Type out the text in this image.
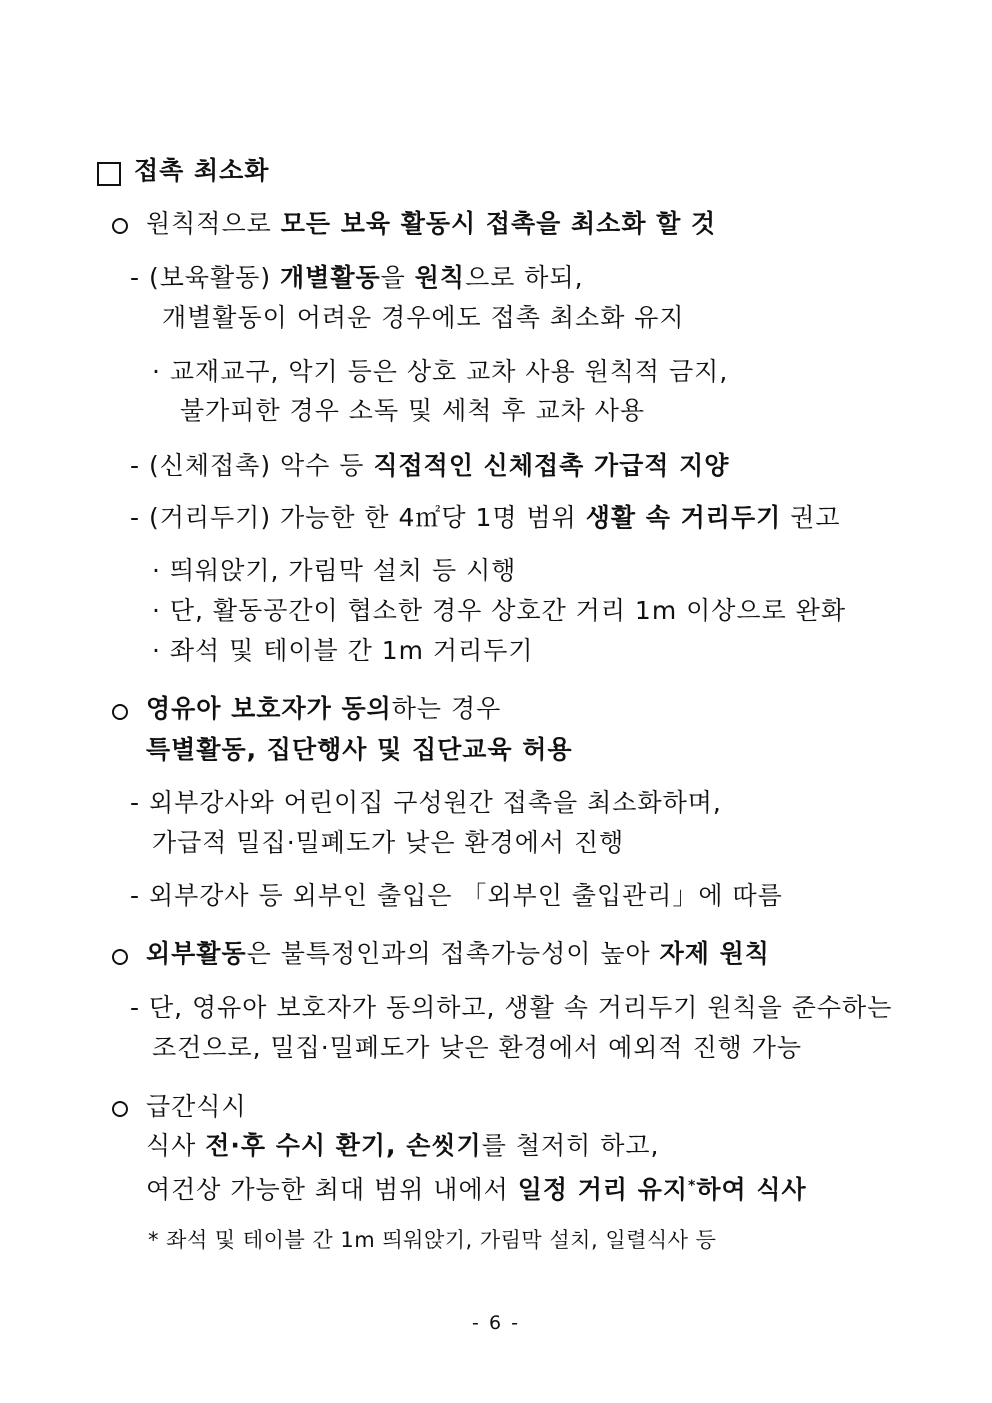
접촉 최소화
원칙적으로 모든 보육 활동시 접촉을 최소화 할 것
- (보육활동) 개별활동을 원칙으로 하되,
개별활동이 어려운 경우에도 접촉 최소화 유지
· 교재교구, 악기 등은 상호 교차 사용 원칙적 금지,
불가피한 경우 소독 및 세척 후 교차 사용
- (신체접촉) 악수 등 직접적인 신체접촉 가급적 지양
- (거리두기) 가능한 한 4㎡당 1명 범위 생활 속 거리두기 권고
· 띄워앉기, 가림막 설치 등 시행
· 단, 활동공간이 협소한 경우 상호간 거리 1m 이상으로 완화
· 좌석 및 테이블 간 1m 거리두기
영유아 보호자가 동의하는 경우
특별활동, 집단행사 및 집단교육 허용
- 외부강사와 어린이집 구성원간 접촉을 최소화하며,
가급적 밀집·밀폐도가 낮은 환경에서 진행
- 외부강사 등 외부인 출입은 「외부인 출입관리」에 따름
외부활동은 불특정인과의 접촉가능성이 높아 자제 원칙
- 단, 영유아 보호자가 동의하고, 생활 속 거리두기 원칙을 준수하는
조건으로, 밀집·밀폐도가 낮은 환경에서 예외적 진행 가능
급간식시
식사 전·후 수시 환기, 손씻기를 철저히 하고,
여건상 가능한 최대 범위 내에서 일정 거리 유지*하여 식사
* 좌석 및 테이블 간 1m 띄워앉기, 가림막 설치, 일렬식사 등
- 6 -
